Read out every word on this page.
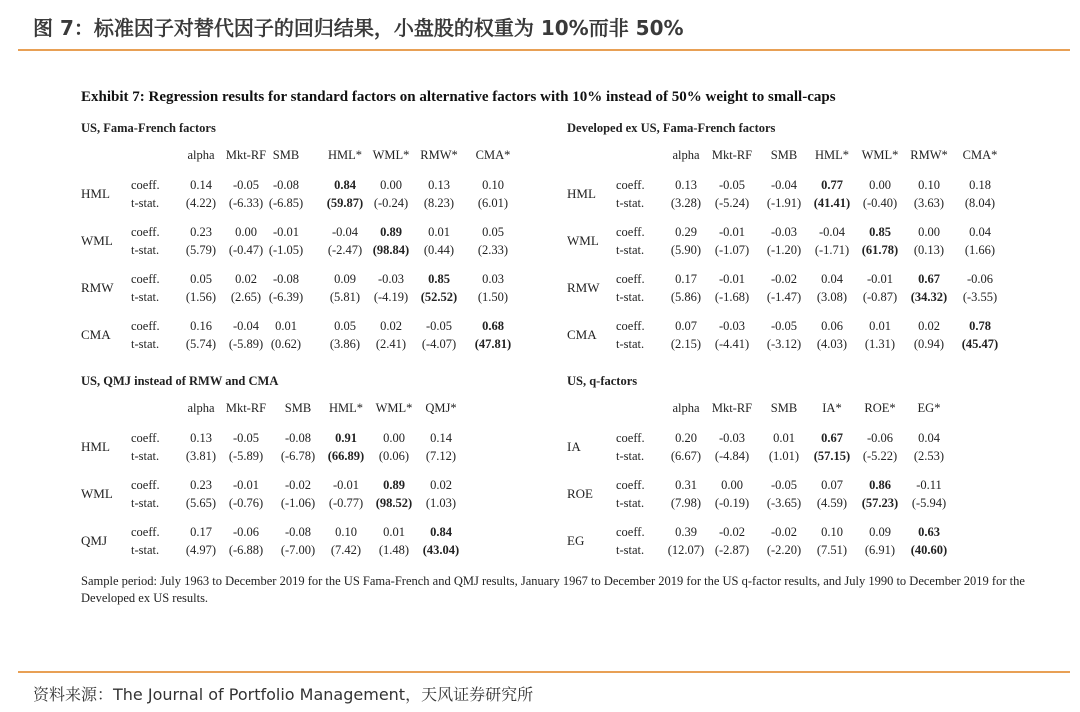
图 7：标准因子对替代因子的回归结果，小盘股的权重为 10%而非 50%
Exhibit 7: Regression results for standard factors on alternative factors with 10% instead of 50% weight to small-caps
US, Fama-French factors
alpha Mkt-RF SMB	HML* WML* RMW*	CMA*
HML
coeff.
t-stat.
0.14	-0.05	-0.08	0.84	0.00	0.13	0.10
(4.22)	(-6.33) (-6.85)	(59.87) (-0.24)	(8.23)	(6.01)
WML
coeff.
t-stat.
0.23	0.00	-0.01	-0.04	0.89	0.01	0.05
(5.79)	(-0.47) (-1.05)	(-2.47) (98.84)	(0.44)	(2.33)
RMW
coeff.
t-stat.
0.05	0.02	-0.08	0.09	-0.03	0.85	0.03
(1.56)	(2.65) (-6.39)	(5.81)	(-4.19)	(52.52)	(1.50)
CMA
coeff.
t-stat.
0.16	-0.04	0.01	0.05	0.02	-0.05	0.68
(5.74)	(-5.89) (0.62)	(3.86)	(2.41)	(-4.07)	(47.81)
Developed ex US, Fama-French factors
alpha Mkt-RF	SMB	HML*	WML* RMW*	CMA*
HML
coeff.
t-stat.
0.13	-0.05	-0.04	0.77	0.00	0.10	0.18
(3.28)	(-5.24)	(-1.91)	(41.41)	(-0.40)	(3.63)	(8.04)
WML
coeff.
t-stat.
0.29	-0.01	-0.03	-0.04	0.85	0.00	0.04
(5.90)	(-1.07)	(-1.20)	(-1.71)	(61.78)	(0.13)	(1.66)
RMW
coeff.
t-stat.
0.17	-0.01	-0.02	0.04	-0.01	0.67	-0.06
(5.86)	(-1.68)	(-1.47)	(3.08)	(-0.87)	(34.32)	(-3.55)
CMA
coeff.
t-stat.
0.07	-0.03	-0.05	0.06	0.01	0.02	0.78
(2.15)	(-4.41)	(-3.12)	(4.03)	(1.31)	(0.94)	(45.47)
US, QMJ instead of RMW and CMA
alpha Mkt-RF	SMB	HML*	WML*	QMJ*
HML
coeff.
t-stat.
0.13	-0.05	-0.08	0.91	0.00	0.14
(3.81)	(-5.89)	(-6.78)	(66.89)	(0.06)	(7.12)
WML
coeff.
t-stat.
0.23	-0.01	-0.02	-0.01	0.89	0.02
(5.65)	(-0.76)	(-1.06)	(-0.77)	(98.52)	(1.03)
QMJ
coeff.
t-stat.
0.17	-0.06	-0.08	0.10	0.01	0.84
(4.97)	(-6.88)	(-7.00)	(7.42)	(1.48)	(43.04)
US, q-factors
alpha Mkt-RF	SMB	IA*	ROE*	EG*
IA
coeff.
t-stat.
0.20	-0.03	0.01	0.67	-0.06	0.04
(6.67)	(-4.84)	(1.01)	(57.15)	(-5.22)	(2.53)
ROE
coeff.
t-stat.
0.31	0.00	-0.05	0.07	0.86	-0.11
(7.98)	(-0.19)	(-3.65)	(4.59)	(57.23)	(-5.94)
EG
coeff.
t-stat.
0.39	-0.02	-0.02	0.10	0.09	0.63
(12.07) (-2.87)	(-2.20)	(7.51)	(6.91)	(40.60)
Sample period: July 1963 to December 2019 for the US Fama-French and QMJ results, January 1967 to December 2019 for the US q-factor results, and July 1990 to December 2019 for the Developed ex US results.
资料来源：The Journal of Portfolio Management，天风证券研究所
